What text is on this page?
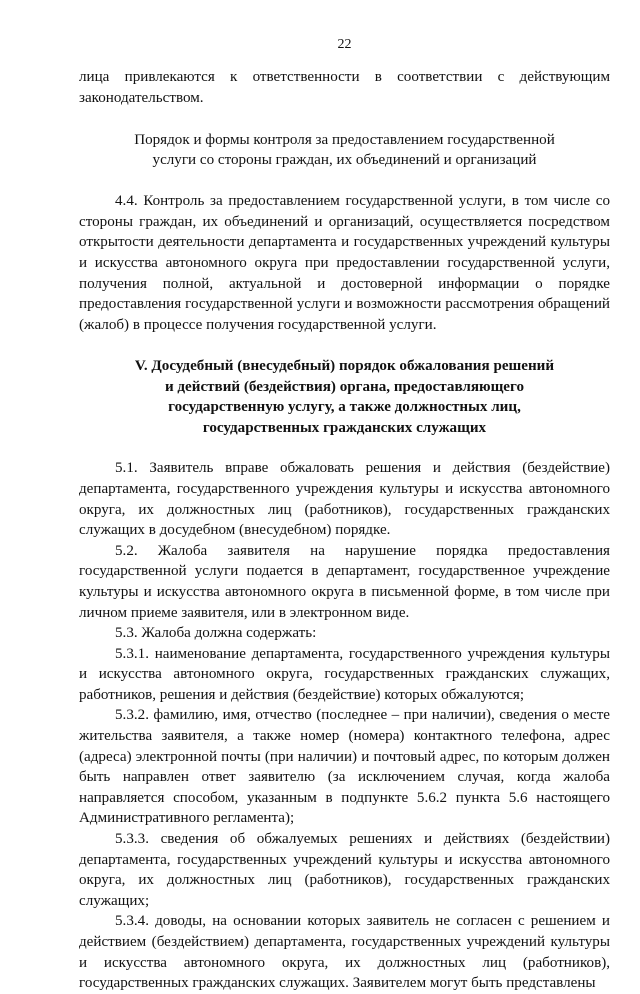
22

лица привлекаются к ответственности в соответствии с действующим законодательством.

Порядок и формы контроля за предоставлением государственной
услуги со стороны граждан, их объединений и организаций

4.4. Контроль за предоставлением государственной услуги, в том числе со стороны граждан, их объединений и организаций, осуществляется посредством открытости деятельности департамента и государственных учреждений культуры и искусства автономного округа при предоставлении государственной услуги, получения полной, актуальной и достоверной информации о порядке предоставления государственной услуги и возможности рассмотрения обращений (жалоб) в процессе получения государственной услуги.

V. Досудебный (внесудебный) порядок обжалования решений
и действий (бездействия) органа, предоставляющего
государственную услугу, а также должностных лиц,
государственных гражданских служащих

5.1. Заявитель вправе обжаловать решения и действия (бездействие) департамента, государственного учреждения культуры и искусства автономного округа, их должностных лиц (работников), государственных гражданских служащих в досудебном (внесудебном) порядке.

5.2. Жалоба заявителя на нарушение порядка предоставления государственной услуги подается в департамент, государственное учреждение культуры и искусства автономного округа в письменной форме, в том числе при личном приеме заявителя, или в электронном виде.

5.3. Жалоба должна содержать:

5.3.1. наименование департамента, государственного учреждения культуры и искусства автономного округа, государственных гражданских служащих, работников, решения и действия (бездействие) которых обжалуются;

5.3.2. фамилию, имя, отчество (последнее – при наличии), сведения о месте жительства заявителя, а также номер (номера) контактного телефона, адрес (адреса) электронной почты (при наличии) и почтовый адрес, по которым должен быть направлен ответ заявителю (за исключением случая, когда жалоба направляется способом, указанным в подпункте 5.6.2 пункта 5.6 настоящего Административного регламента);

5.3.3. сведения об обжалуемых решениях и действиях (бездействии) департамента, государственных учреждений культуры и искусства автономного округа, их должностных лиц (работников), государственных гражданских служащих;

5.3.4. доводы, на основании которых заявитель не согласен с решением и действием (бездействием) департамента, государственных учреждений культуры и искусства автономного округа, их должностных лиц (работников), государственных гражданских служащих. Заявителем могут быть представлены
